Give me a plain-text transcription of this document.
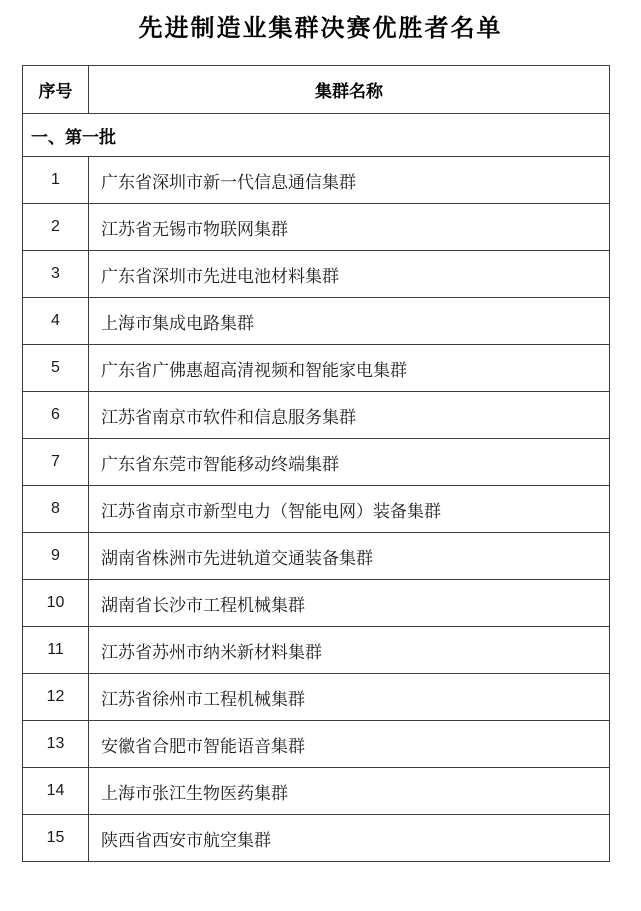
先进制造业集群决赛优胜者名单
序号	集群名称
一、第一批	
1	广东省深圳市新一代信息通信集群
2	江苏省无锡市物联网集群
3	广东省深圳市先进电池材料集群
4	上海市集成电路集群
5	广东省广佛惠超高清视频和智能家电集群
6	江苏省南京市软件和信息服务集群
7	广东省东莞市智能移动终端集群
8	江苏省南京市新型电力（智能电网）装备集群
9	湖南省株洲市先进轨道交通装备集群
10	湖南省长沙市工程机械集群
11	江苏省苏州市纳米新材料集群
12	江苏省徐州市工程机械集群
13	安徽省合肥市智能语音集群
14	上海市张江生物医药集群
15	陕西省西安市航空集群
